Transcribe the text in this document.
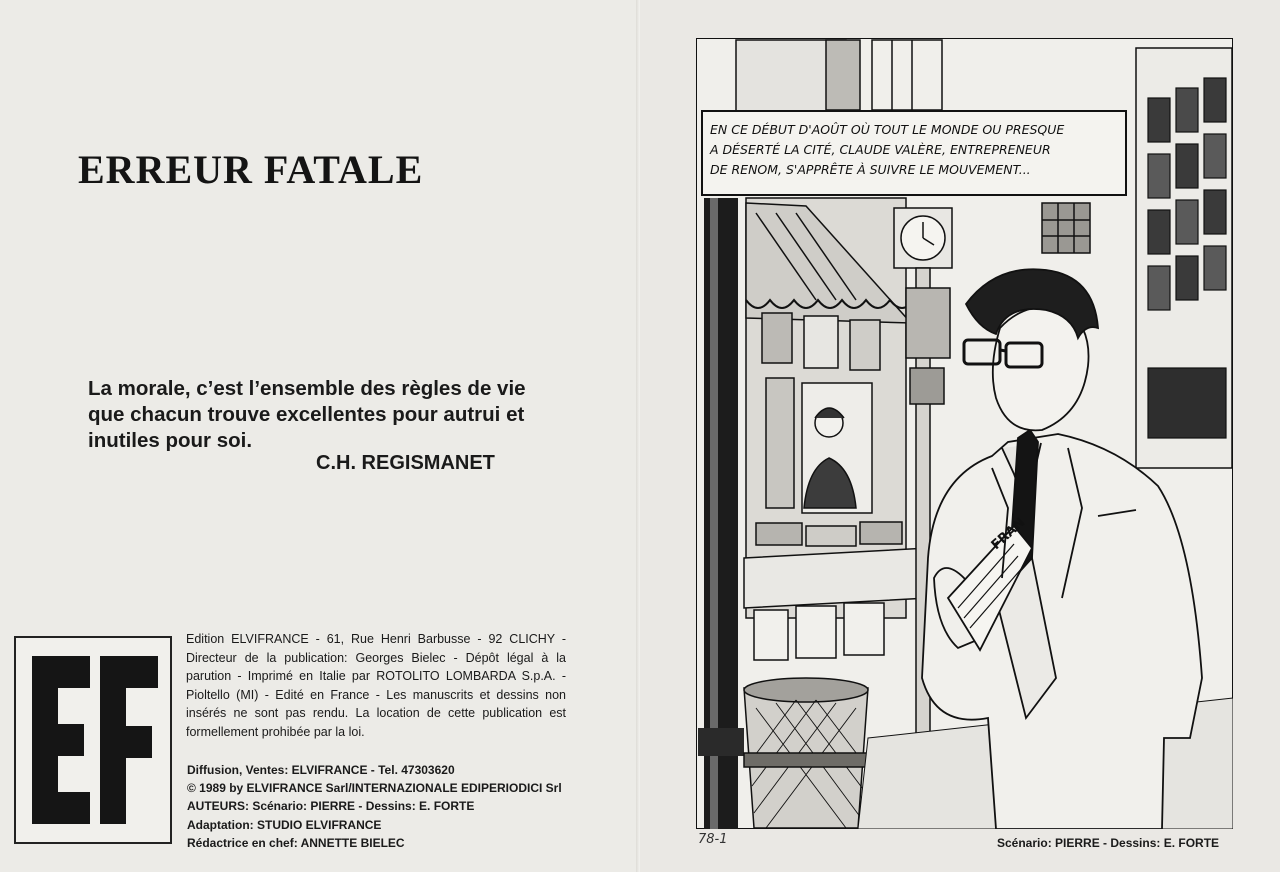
ERREUR FATALE

La morale, c’est l’ensemble des règles de vie
que chacun trouve excellentes pour autrui et
inutiles pour soi.

C.H. REGISMANET

Edition ELVIFRANCE - 61, Rue Henri Barbusse - 92 CLICHY - Directeur de la publication: Georges Bielec - Dépôt légal à la parution - Imprimé en Italie par ROTOLITO LOMBARDA S.p.A. - Pioltello (MI) - Edité en France - Les manuscrits et dessins non insérés ne sont pas rendu. La location de cette publication est formellement prohibée par la loi.

Diffusion, Ventes: ELVIFRANCE - Tel. 47303620
© 1989 by ELVIFRANCE Sarl/INTERNAZIONALE EDIPERIODICI Srl
AUTEURS: Scénario: PIERRE - Dessins: E. FORTE
Adaptation: STUDIO ELVIFRANCE
Rédactrice en chef: ANNETTE BIELEC
EN CE DÉBUT D'AOÛT OÙ TOUT LE MONDE OU PRESQUE
A DÉSERTÉ LA CITÉ, CLAUDE VALÈRE, ENTREPRENEUR
DE RENOM, S'APPRÊTE À SUIVRE LE MOUVEMENT...
FRAN
78-1	Scénario: PIERRE - Dessins: E. FORTE
